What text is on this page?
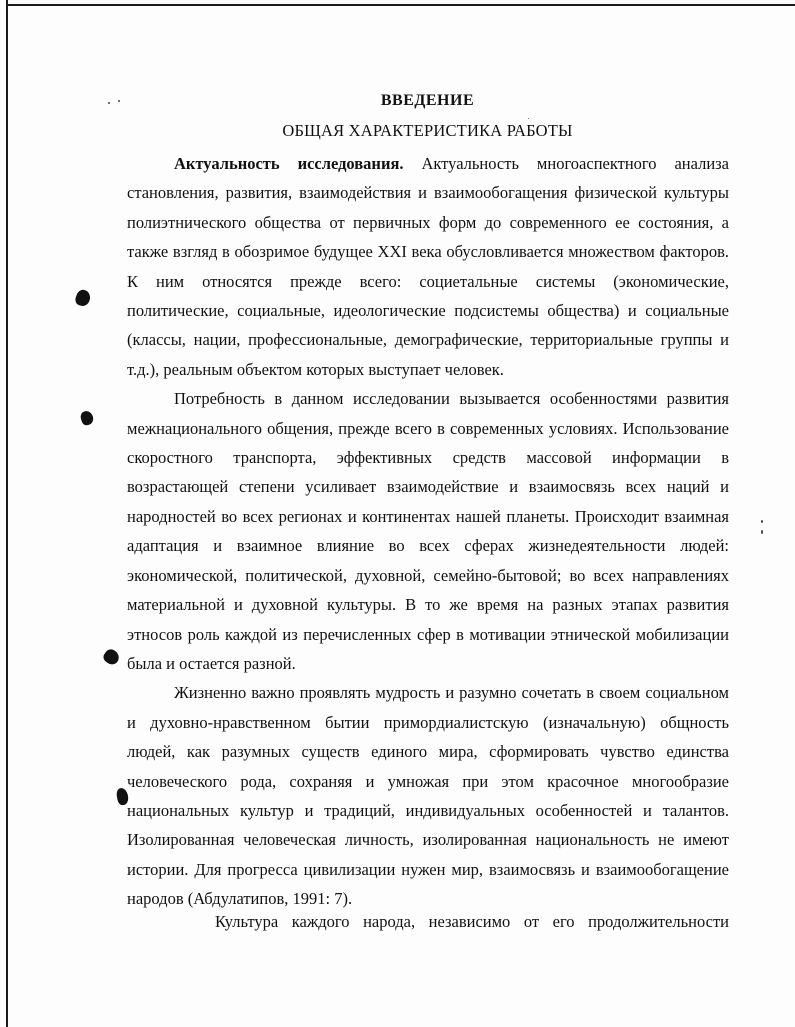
ВВЕДЕНИЕ
ОБЩАЯ ХАРАКТЕРИСТИКА РАБОТЫ

Актуальность исследования. Актуальность многоаспектного анализа становления, развития, взаимодействия и взаимообогащения физической культуры полиэтнического общества от первичных форм до современного ее состояния, а также взгляд в обозримое будущее XXI века обусловливается множеством факторов. К ним относятся прежде всего: социетальные системы (экономические, политические, социальные, идеологические подсистемы общества) и социальные (классы, нации, профессиональные, демографические, территориальные группы и т.д.), реальным объектом которых выступает человек.

Потребность в данном исследовании вызывается особенностями развития межнационального общения, прежде всего в современных условиях. Использование скоростного транспорта, эффективных средств массовой информации в возрастающей степени усиливает взаимодействие и взаимосвязь всех наций и народностей во всех регионах и континентах нашей планеты. Происходит взаимная адаптация и взаимное влияние во всех сферах жизнедеятельности людей: экономической, политической, духовной, семейно-бытовой; во всех направлениях материальной и духовной культуры. В то же время на разных этапах развития этносов роль каждой из перечисленных сфер в мотивации этнической мобилизации была и остается разной.

Жизненно важно проявлять мудрость и разумно сочетать в своем социальном и духовно-нравственном бытии примордиалистскую (изначальную) общность людей, как разумных существ единого мира, сформировать чувство единства человеческого рода, сохраняя и умножая при этом красочное многообразие национальных культур и традиций, индивидуальных особенностей и талантов. Изолированная человеческая личность, изолированная национальность не имеют истории. Для прогресса цивилизации нужен мир, взаимосвязь и взаимообогащение народов (Абдулатипов, 1991: 7).

Культура каждого народа, независимо от его продолжительности
